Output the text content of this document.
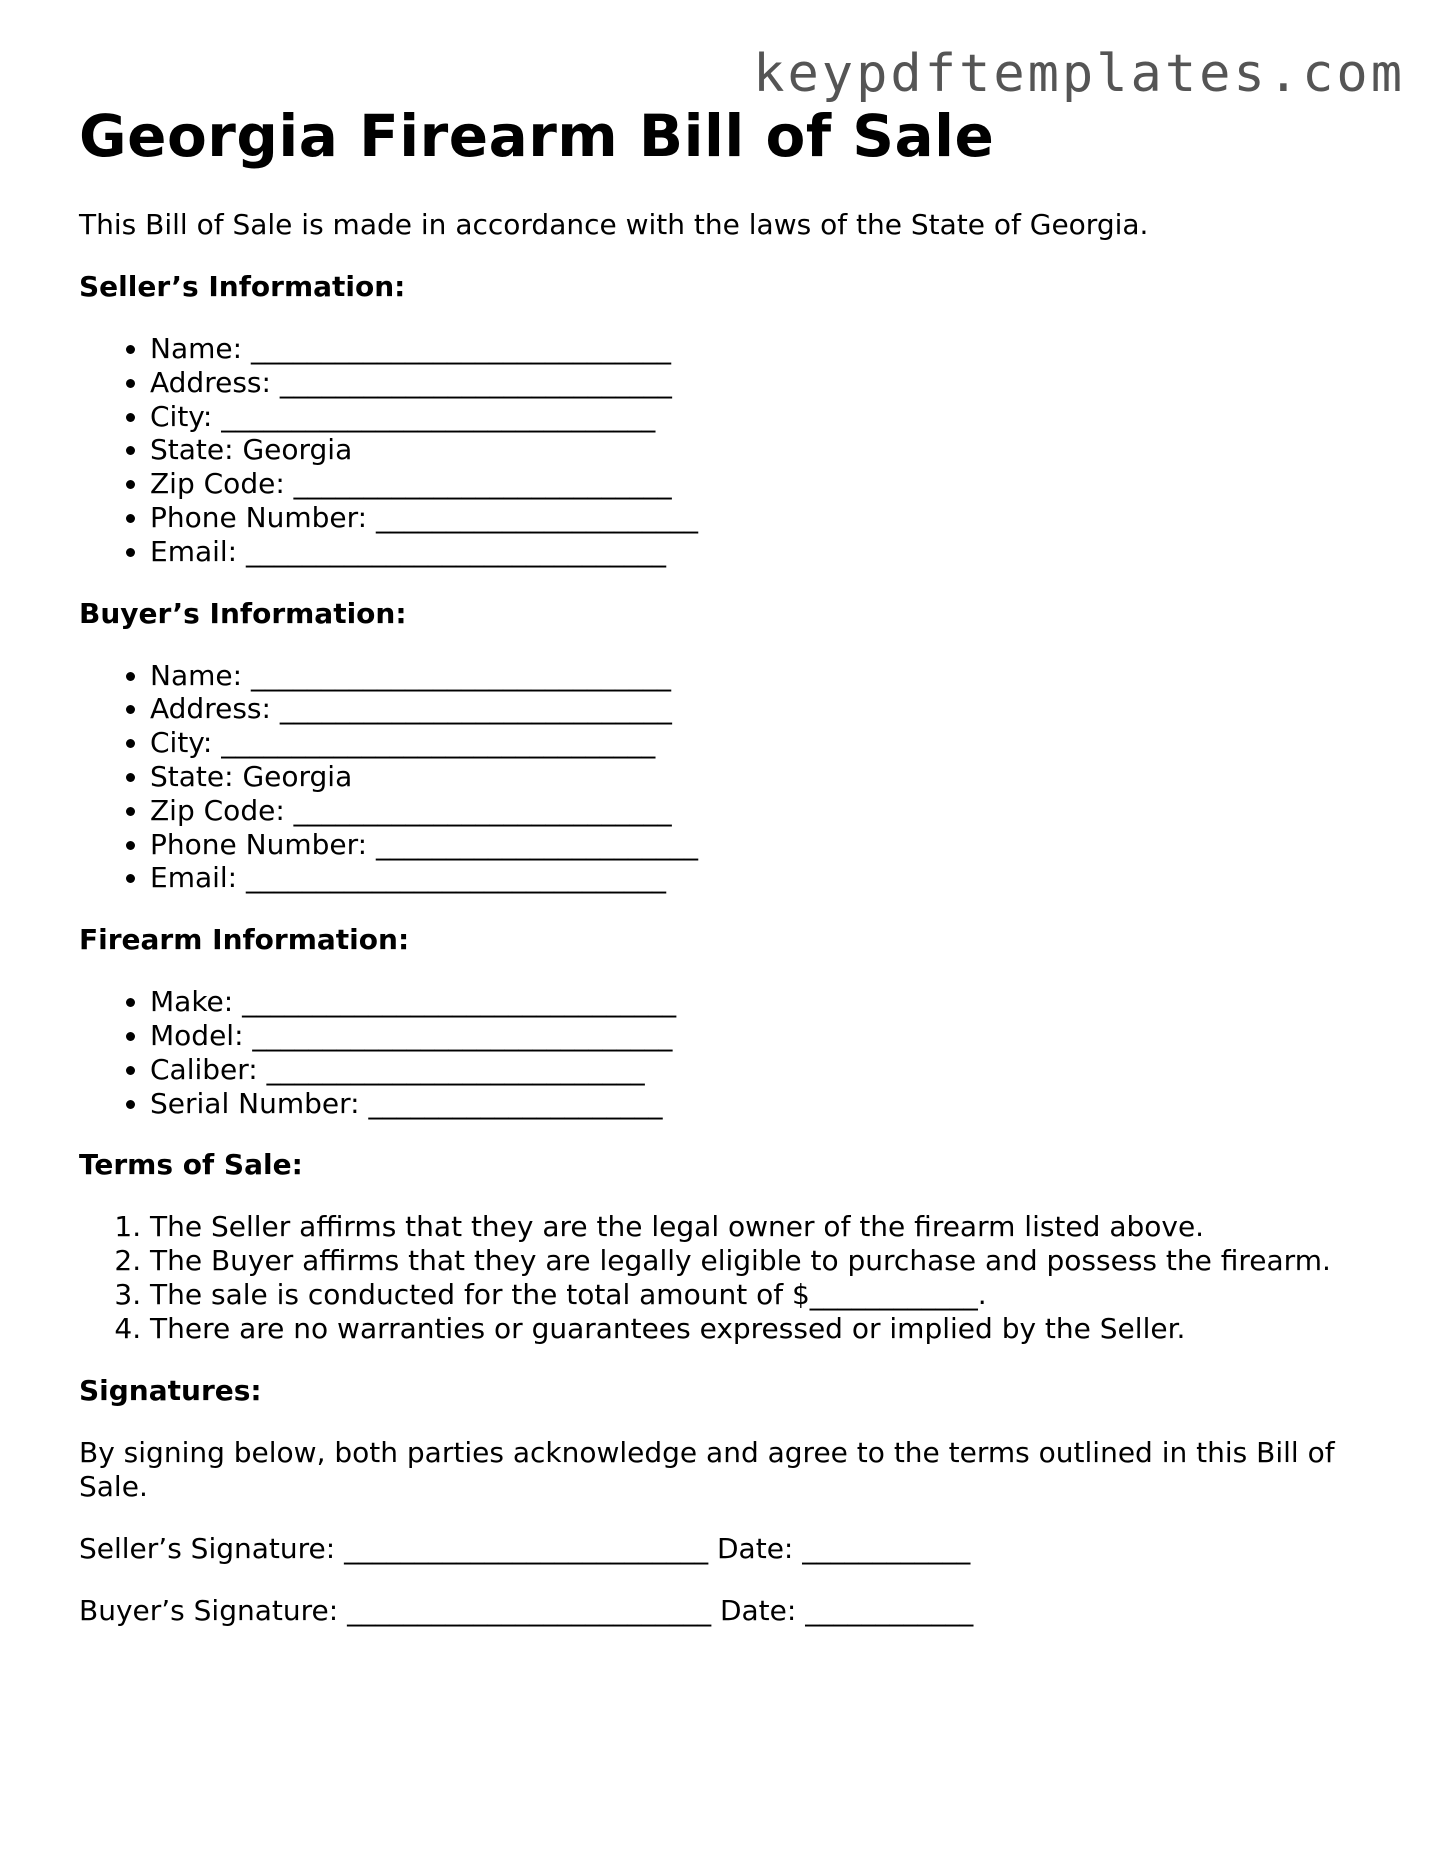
keypdftemplates.com
Georgia Firearm Bill of Sale

This Bill of Sale is made in accordance with the laws of the State of Georgia.

Seller’s Information:
• Name: ______________________________
• Address: ____________________________
• City: _______________________________
• State: Georgia
• Zip Code: ___________________________
• Phone Number: _______________________
• Email: ______________________________
Buyer’s Information:
• Name: ______________________________
• Address: ____________________________
• City: _______________________________
• State: Georgia
• Zip Code: ___________________________
• Phone Number: _______________________
• Email: ______________________________
Firearm Information:
• Make: _______________________________
• Model: ______________________________
• Caliber: ___________________________
• Serial Number: _____________________
Terms of Sale:
1. The Seller affirms that they are the legal owner of the firearm listed above.
2. The Buyer affirms that they are legally eligible to purchase and possess the firearm.
3. The sale is conducted for the total amount of $____________.
4. There are no warranties or guarantees expressed or implied by the Seller.
Signatures:

By signing below, both parties acknowledge and agree to the terms outlined in this Bill of Sale.

Seller’s Signature: __________________________ Date: ____________
Buyer’s Signature: __________________________ Date: ____________
